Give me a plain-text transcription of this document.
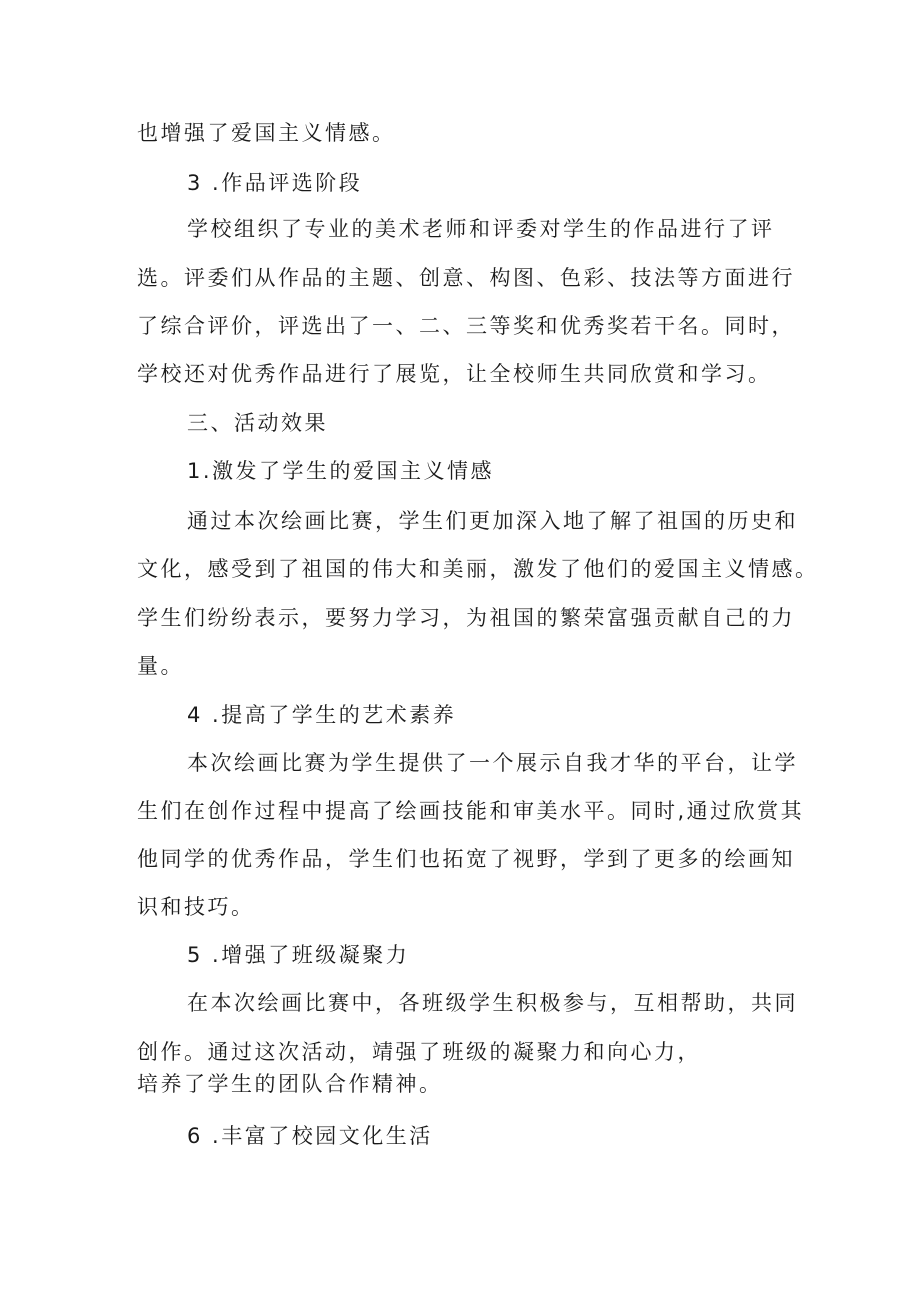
也增强了爱国主义情感。
3 .作品评选阶段
学校组织了专业的美术老师和评委对学生的作品进行了评
选。评委们从作品的主题、创意、构图、色彩、技法等方面进行
了综合评价，评选出了一、二、三等奖和优秀奖若干名。同时，
学校还对优秀作品进行了展览，让全校师生共同欣赏和学习。
三、活动效果
1.激发了学生的爱国主义情感
通过本次绘画比赛，学生们更加深入地了解了祖国的历史和
文化，感受到了祖国的伟大和美丽，激发了他们的爱国主义情感。
学生们纷纷表示，要努力学习，为祖国的繁荣富强贡献自己的力
量。
4 .提高了学生的艺术素养
本次绘画比赛为学生提供了一个展示自我才华的平台，让学
生们在创作过程中提高了绘画技能和审美水平。同时,通过欣赏其
他同学的优秀作品，学生们也拓宽了视野，学到了更多的绘画知
识和技巧。
5 .增强了班级凝聚力
在本次绘画比赛中，各班级学生积极参与，互相帮助，共同
创作。通过这次活动，靖强了班级的凝聚力和向心力，
培养了学生的团队合作精神。
6 .丰富了校园文化生活
